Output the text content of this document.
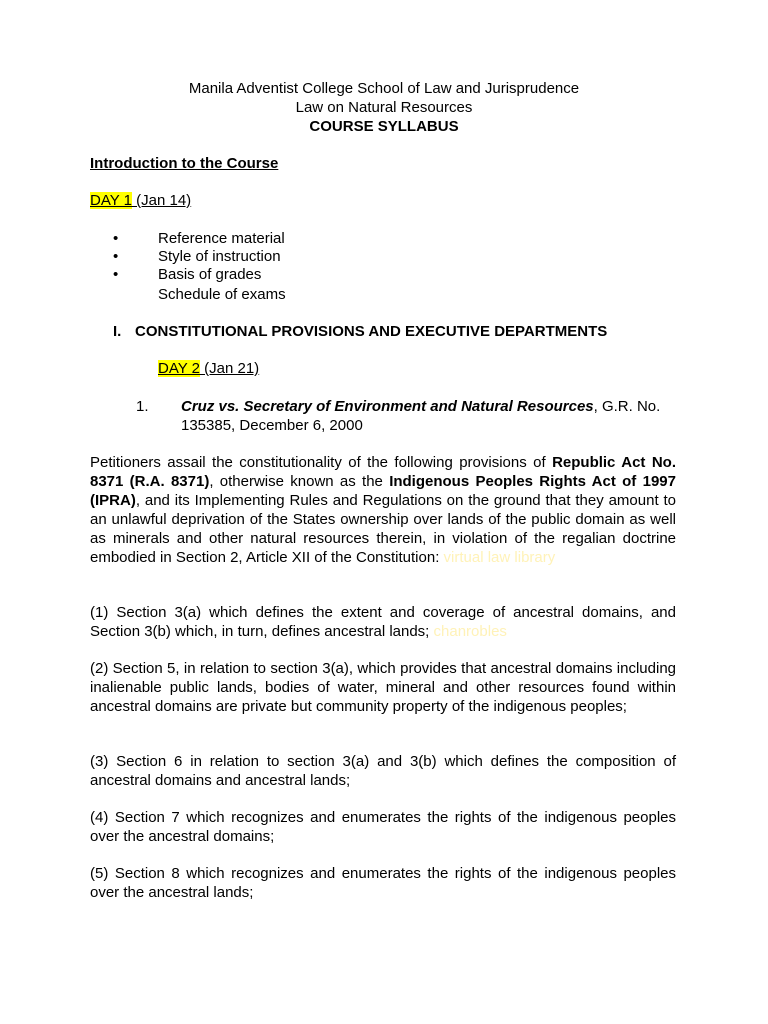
Manila Adventist College School of Law and Jurisprudence
Law on Natural Resources
COURSE SYLLABUS
Introduction to the Course
DAY 1 (Jan 14)
•	Reference material
•	Style of instruction
•	Basis of grades
Schedule of exams
I. CONSTITUTIONAL PROVISIONS AND EXECUTIVE DEPARTMENTS
DAY 2 (Jan 21)
1. Cruz vs. Secretary of Environment and Natural Resources, G.R. No.
135385, December 6, 2000
Petitioners assail the constitutionality of the following provisions of Republic Act No. 8371 (R.A. 8371), otherwise known as the Indigenous Peoples Rights Act of 1997 (IPRA), and its Implementing Rules and Regulations on the ground that they amount to an unlawful deprivation of the States ownership over lands of the public domain as well as minerals and other natural resources therein, in violation of the regalian doctrine embodied in Section 2, Article XII of the Constitution: virtual law library
(1) Section 3(a) which defines the extent and coverage of ancestral domains, and Section 3(b) which, in turn, defines ancestral lands; chanrobles
(2) Section 5, in relation to section 3(a), which provides that ancestral domains including inalienable public lands, bodies of water, mineral and other resources found within ancestral domains are private but community property of the indigenous peoples;
(3) Section 6 in relation to section 3(a) and 3(b) which defines the composition of ancestral domains and ancestral lands;
(4) Section 7 which recognizes and enumerates the rights of the indigenous peoples over the ancestral domains;
(5) Section 8 which recognizes and enumerates the rights of the indigenous peoples over the ancestral lands;
